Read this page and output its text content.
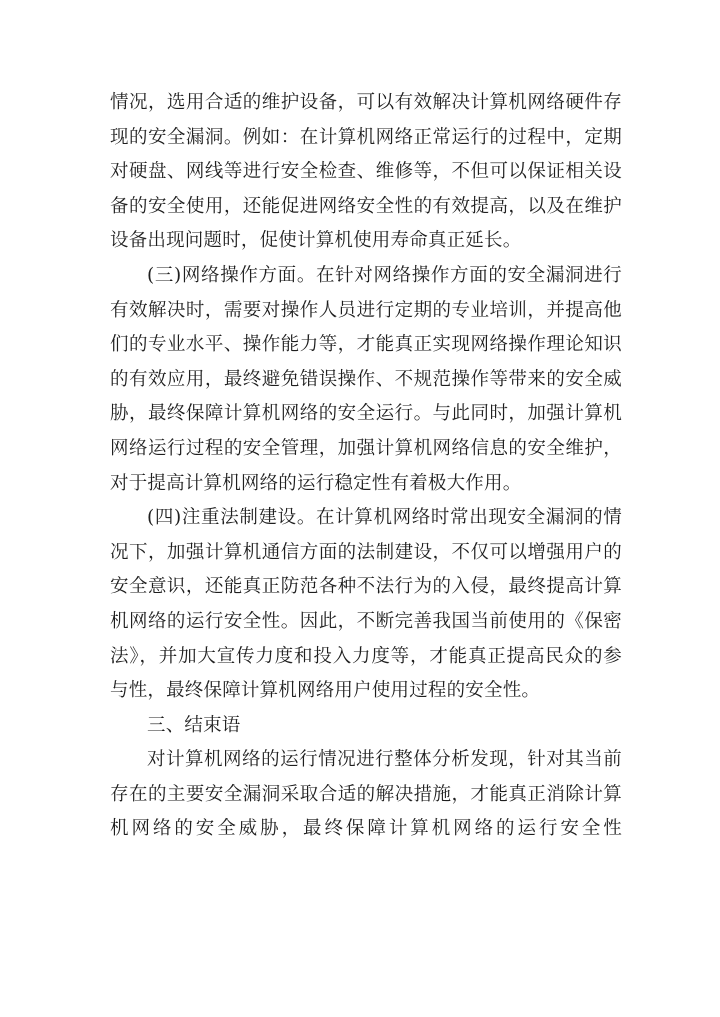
情况，选用合适的维护设备，可以有效解决计算机网络硬件存现的安全漏洞。例如：在计算机网络正常运行的过程中，定期对硬盘、网线等进行安全检查、维修等，不但可以保证相关设备的安全使用，还能促进网络安全性的有效提高，以及在维护设备出现问题时，促使计算机使用寿命真正延长。

(三)网络操作方面。在针对网络操作方面的安全漏洞进行有效解决时，需要对操作人员进行定期的专业培训，并提高他们的专业水平、操作能力等，才能真正实现网络操作理论知识的有效应用，最终避免错误操作、不规范操作等带来的安全威胁，最终保障计算机网络的安全运行。与此同时，加强计算机网络运行过程的安全管理，加强计算机网络信息的安全维护，对于提高计算机网络的运行稳定性有着极大作用。

(四)注重法制建设。在计算机网络时常出现安全漏洞的情况下，加强计算机通信方面的法制建设，不仅可以增强用户的安全意识，还能真正防范各种不法行为的入侵，最终提高计算机网络的运行安全性。因此，不断完善我国当前使用的《保密法》，并加大宣传力度和投入力度等，才能真正提高民众的参与性，最终保障计算机网络用户使用过程的安全性。

三、结束语

对计算机网络的运行情况进行整体分析发现，针对其当前存在的主要安全漏洞采取合适的解决措施，才能真正消除计算机网络的安全威胁，最终保障计算机网络的运行安全性
